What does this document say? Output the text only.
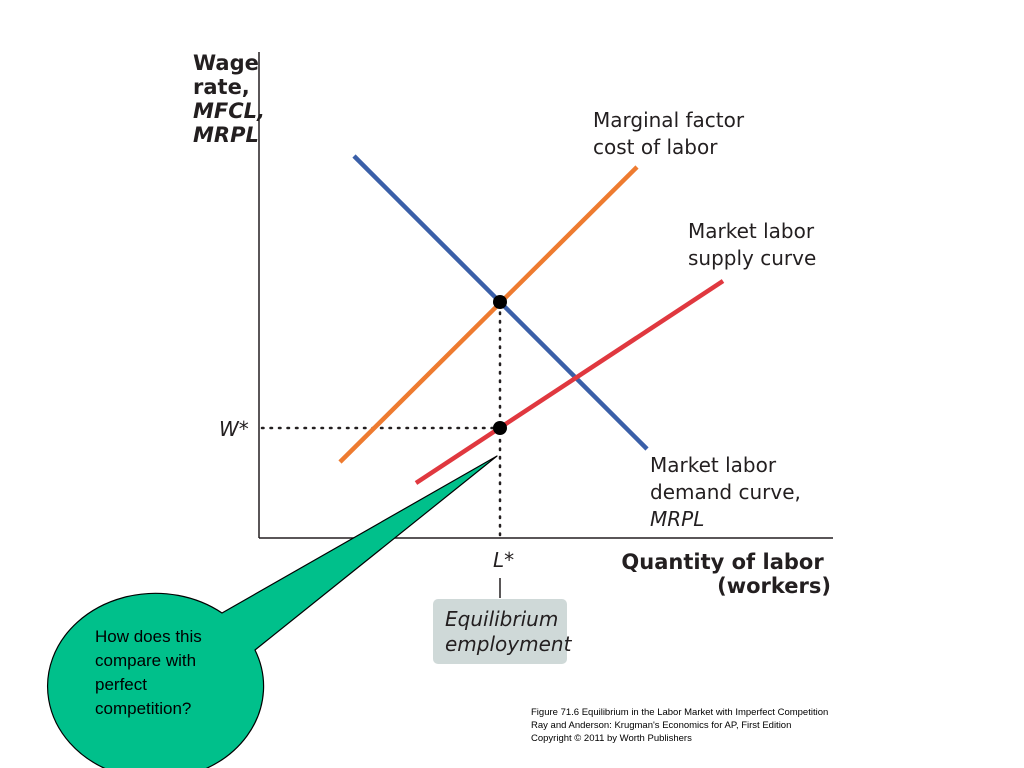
Wage rate, MFCL, MRPL
W*
L*	Quantity of labor (workers)
Marginal factor cost of labor
Market labor supply curve
Market labor demand curve, MRPL
Equilibrium employment
How does this
compare with
perfect
competition?	Figure 71.6 Equilibrium in the Labor Market with Imperfect Competition
Ray and Anderson: Krugman's Economics for AP, First Edition
Copyright © 2011 by Worth Publishers
